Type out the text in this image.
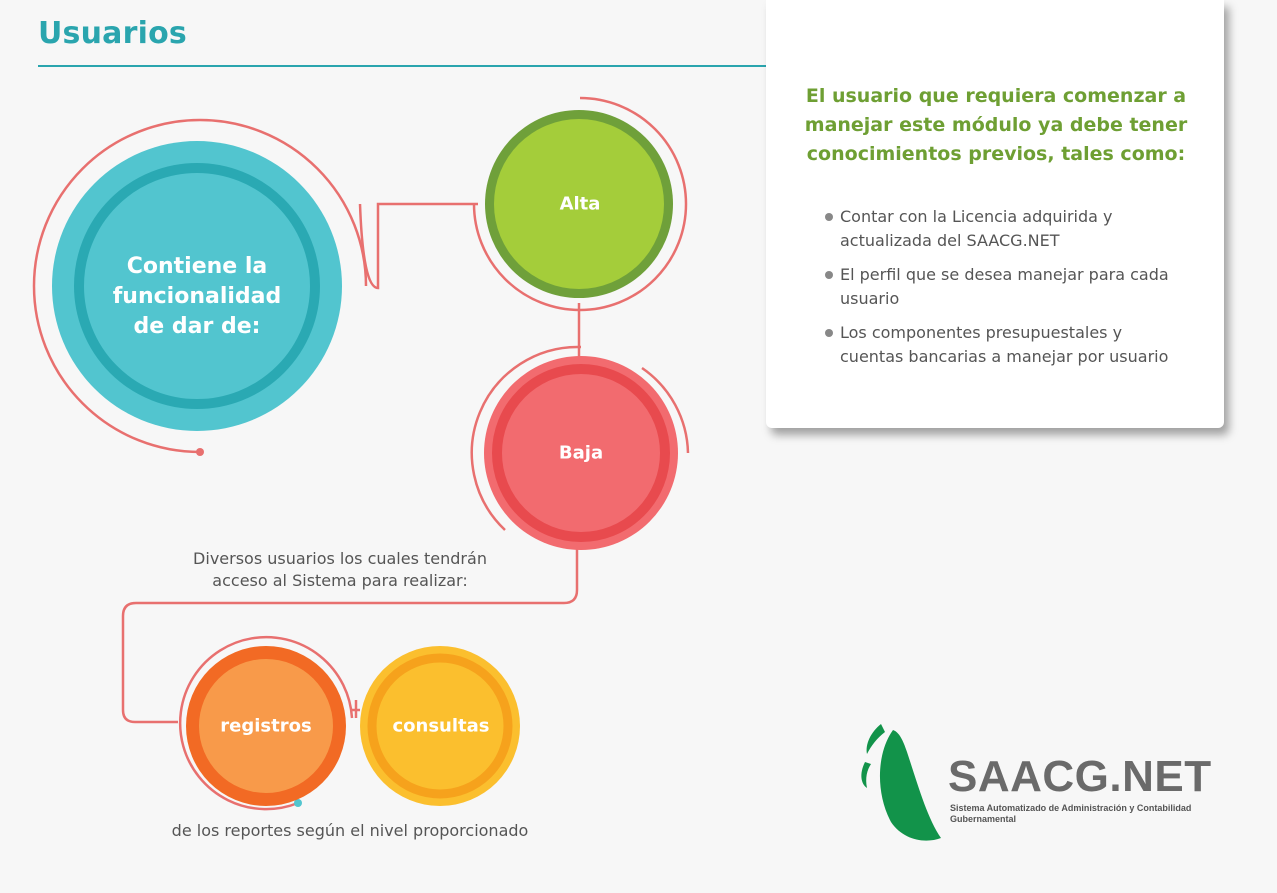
Usuarios
Contiene la funcionalidad de dar de:
Alta
Baja
registros	consultas
Diversos usuarios los cuales tendrán acceso al Sistema para realizar:
de los reportes según el nivel proporcionado

El usuario que requiera comenzar a manejar este módulo ya debe tener conocimientos previos, tales como:

Contar con la Licencia adquirida y actualizada del SAACG.NET
El perfil que se desea manejar para cada usuario
Los componentes presupuestales y cuentas bancarias a manejar por usuario
SAACG.NET
Sistema Automatizado de Administración y Contabilidad Gubernamental
